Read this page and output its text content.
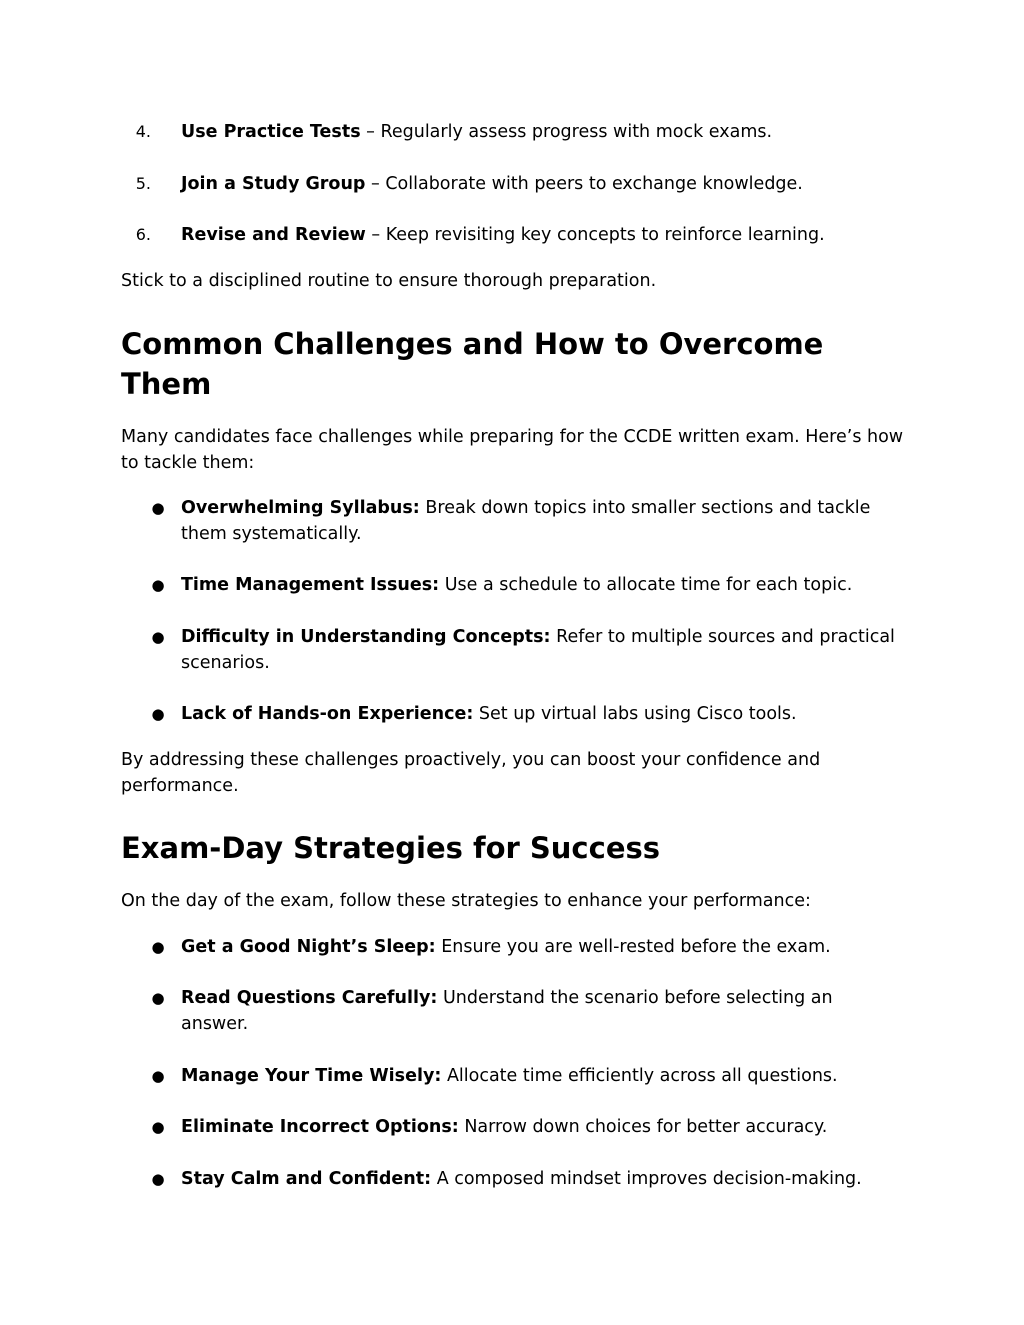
4. Use Practice Tests – Regularly assess progress with mock exams.
5. Join a Study Group – Collaborate with peers to exchange knowledge.
6. Revise and Review – Keep revisiting key concepts to reinforce learning.

Stick to a disciplined routine to ensure thorough preparation.

Common Challenges and How to Overcome Them

Many candidates face challenges while preparing for the CCDE written exam. Here’s how to tackle them:

● Overwhelming Syllabus: Break down topics into smaller sections and tackle them systematically.
● Time Management Issues: Use a schedule to allocate time for each topic.
● Difficulty in Understanding Concepts: Refer to multiple sources and practical scenarios.
● Lack of Hands-on Experience: Set up virtual labs using Cisco tools.

By addressing these challenges proactively, you can boost your confidence and performance.

Exam-Day Strategies for Success

On the day of the exam, follow these strategies to enhance your performance:

● Get a Good Night’s Sleep: Ensure you are well-rested before the exam.
● Read Questions Carefully: Understand the scenario before selecting an answer.
● Manage Your Time Wisely: Allocate time efficiently across all questions.
● Eliminate Incorrect Options: Narrow down choices for better accuracy.
● Stay Calm and Confident: A composed mindset improves decision-making.
